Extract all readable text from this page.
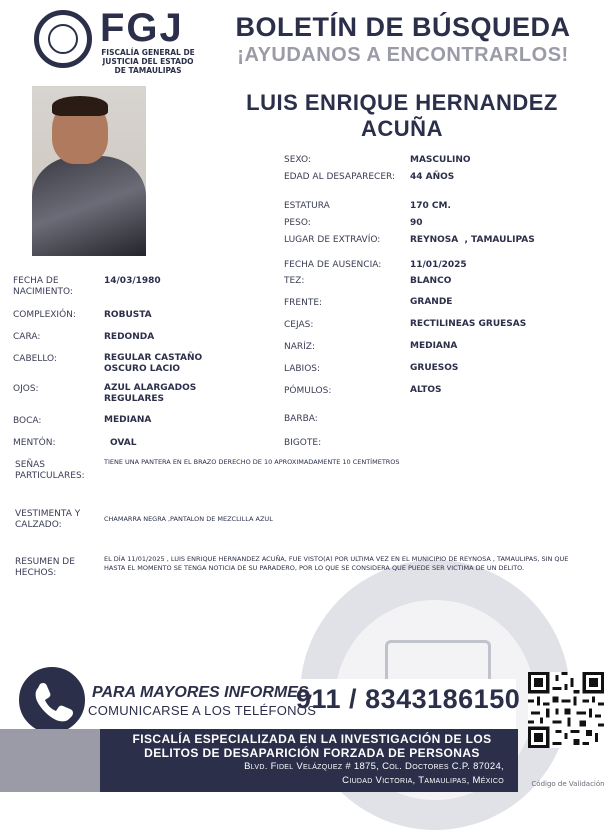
FGJ
FISCALÍA GENERAL DE JUSTICIA DEL ESTADO DE TAMAULIPAS
BOLETÍN DE BÚSQUEDA
¡AYUDANOS A ENCONTRARLOS!
LUIS ENRIQUE HERNANDEZ ACUÑA
SEXO:	MASCULINO
EDAD AL DESAPARECER: 44 AÑOS
ESTATURA	170 CM.
PESO:	90
LUGAR DE EXTRAVÍO:	REYNOSA  , TAMAULIPAS
FECHA DE AUSENCIA:	11/01/2025
TEZ:	BLANCO
FRENTE:	GRANDE
CEJAS:	RECTILINEAS GRUESAS
NARÍZ:	MEDIANA
LABIOS:	GRUESOS
PÓMULOS:	ALTOS
BARBA:
BIGOTE:
FECHA DE NACIMIENTO:
14/03/1980
COMPLEXIÓN:	ROBUSTA
CARA:	REDONDA
CABELLO:	REGULAR CASTAÑO OSCURO LACIO
OJOS:	AZUL ALARGADOS REGULARES
BOCA:	MEDIANA
MENTÓN:	OVAL
SEÑAS PARTICULARES:
TIENE UNA PANTERA EN EL BRAZO DERECHO DE 10 APROXIMADAMENTE 10 CENTÍMETROS
VESTIMENTA Y CALZADO:
CHAMARRA NEGRA ,PANTALON DE MEZCLILLA AZUL
RESUMEN DE HECHOS:
EL DÍA 11/01/2025 , LUIS ENRIQUE HERNANDEZ ACUÑA, FUE VISTO(A) POR ULTIMA VEZ EN EL MUNICIPIO DE REYNOSA , TAMAULIPAS, SIN QUE HASTA EL MOMENTO SE TENGA NOTICIA DE SU PARADERO, POR LO QUE SE CONSIDERA QUE PUEDE SER VICTIMA DE UN DELITO.
PARA MAYORES INFORMES,
COMUNICARSE A LOS TELÉFONOS
911 / 8343186150
FISCALÍA ESPECIALIZADA EN LA INVESTIGACIÓN DE LOS
DELITOS DE DESAPARICIÓN FORZADA DE PERSONAS
Blvd. Fidel Velázquez # 1875, Col. Doctores C.P. 87024,
Ciudad Victoria, Tamaulipas, México	Código de Validación
